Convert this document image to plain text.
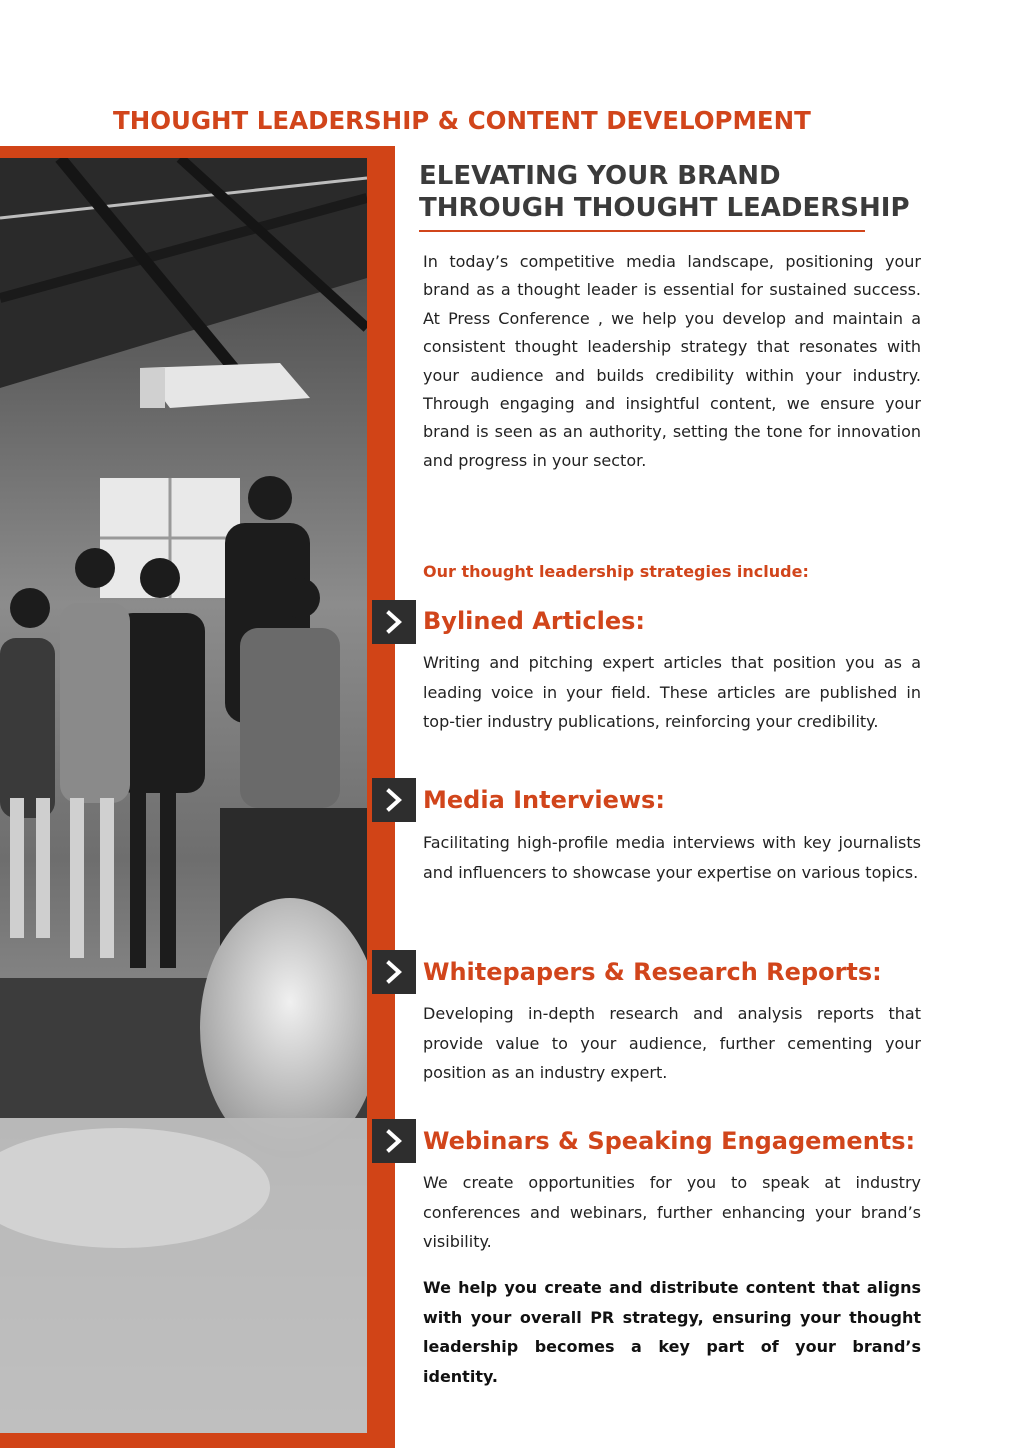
THOUGHT LEADERSHIP & CONTENT DEVELOPMENT
ELEVATING YOUR BRAND
THROUGH THOUGHT LEADERSHIP
In today’s competitive media landscape, positioning your brand as a thought leader is essential for sustained success. At Press Conference , we help you develop and maintain a consistent thought leadership strategy that resonates with your audience and builds credibility within your industry. Through engaging and insightful content, we ensure your brand is seen as an authority, setting the tone for innovation and progress in your sector.
Our thought leadership strategies include:
Bylined Articles:
Writing and pitching expert articles that position you as a leading voice in your field. These articles are published in top-tier industry publications, reinforcing your credibility.
Media Interviews:
Facilitating high-profile media interviews with key journalists and influencers to showcase your expertise on various topics.
Whitepapers & Research Reports:
Developing in-depth research and analysis reports that provide value to your audience, further cementing your position as an industry expert.
Webinars & Speaking Engagements:
We create opportunities for you to speak at industry conferences and webinars, further enhancing your brand’s visibility.
We help you create and distribute content that aligns with your overall PR strategy, ensuring your thought leadership becomes a key part of your brand’s identity.
